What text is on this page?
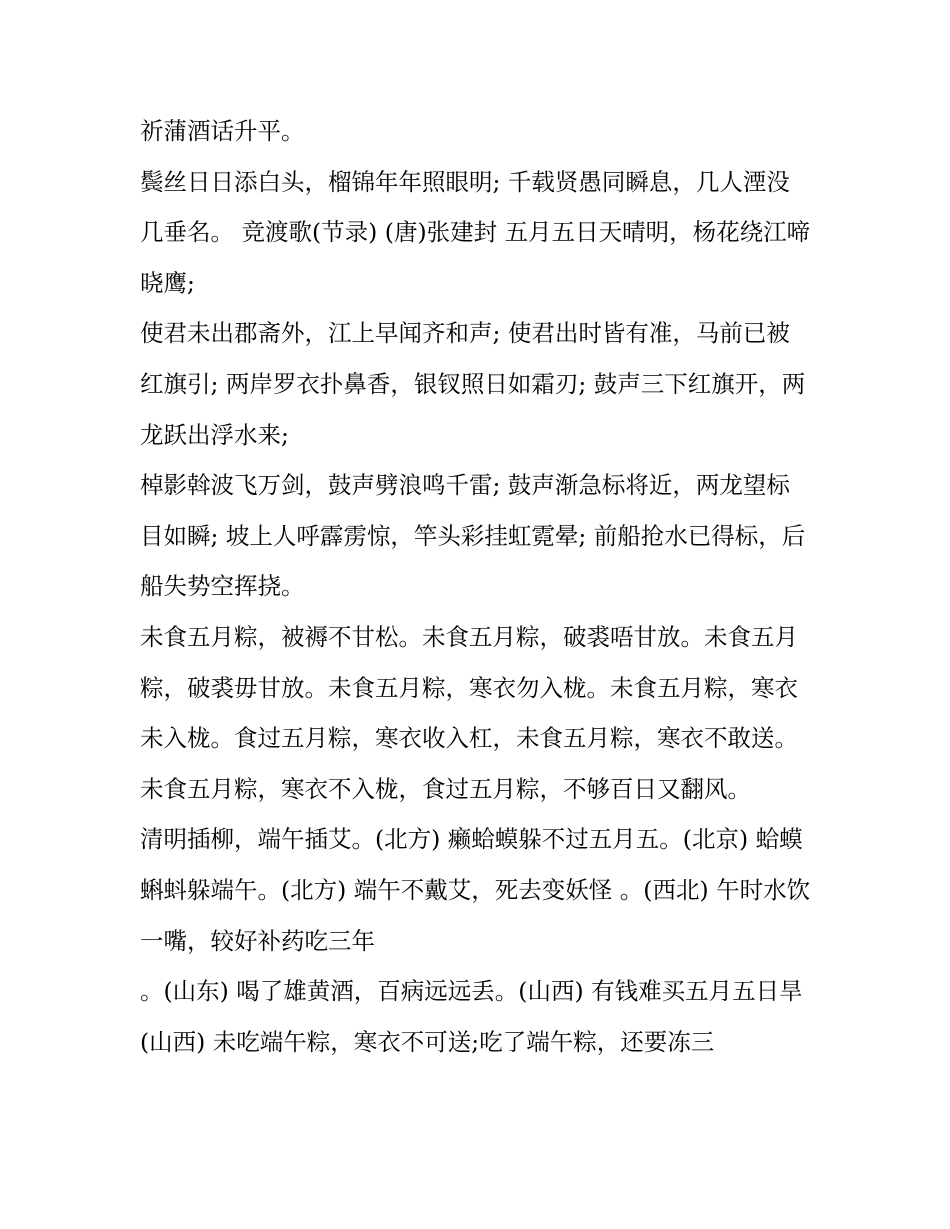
祈蒲酒话升平。

鬓丝日日添白头，榴锦年年照眼明; 千载贤愚同瞬息，几人湮没几垂名。 竞渡歌(节录) (唐)张建封 五月五日天晴明，杨花绕江啼晓鹰;

使君未出郡斋外，江上早闻齐和声; 使君出时皆有准，马前已被红旗引; 两岸罗衣扑鼻香，银钗照日如霜刃; 鼓声三下红旗开，两龙跃出浮水来;

棹影斡波飞万剑，鼓声劈浪鸣千雷; 鼓声渐急标将近，两龙望标目如瞬; 坡上人呼霹雳惊，竿头彩挂虹霓晕; 前船抢水已得标，后船失势空挥挠。

未食五月粽，被褥不甘松。未食五月粽，破裘唔甘放。未食五月粽，破裘毋甘放。未食五月粽，寒衣勿入栊。未食五月粽，寒衣未入栊。食过五月粽，寒衣收入杠，未食五月粽，寒衣不敢送。未食五月粽，寒衣不入栊，食过五月粽，不够百日又翻风。

清明插柳，端午插艾。(北方) 癞蛤蟆躲不过五月五。(北京) 蛤蟆蝌蚪躲端午。(北方) 端午不戴艾，死去变妖怪 。(西北) 午时水饮一嘴，较好补药吃三年

。(山东) 喝了雄黄酒，百病远远丢。(山西) 有钱难买五月五日旱(山西) 未吃端午粽，寒衣不可送;吃了端午粽，还要冻三
